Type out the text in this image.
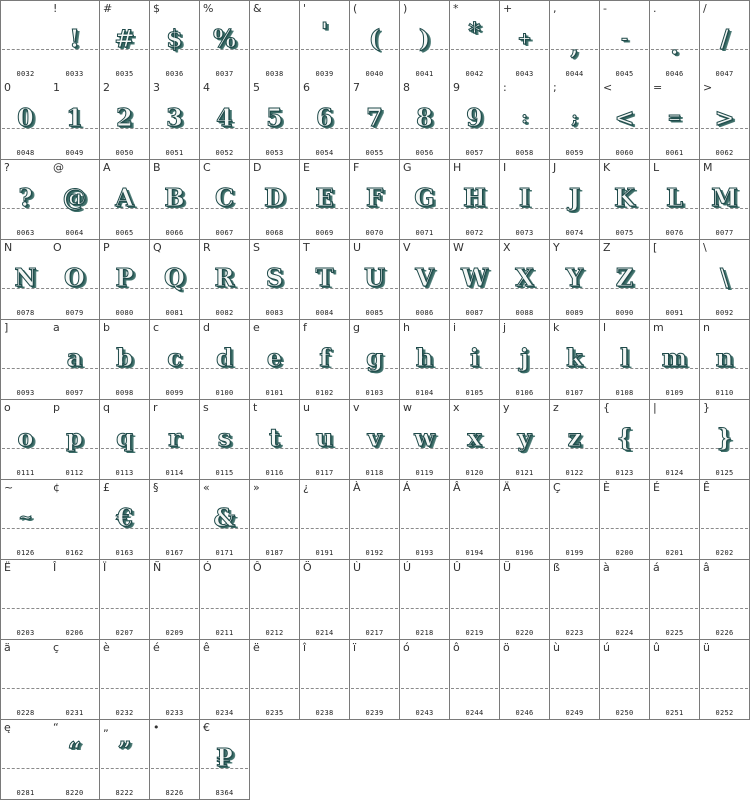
0032
!
!
0033
#
#
0035
$
$
0036
%
%
0037
&
0038
'
'
0039
(
(
0040
)
)
0041
*
*
0042
+
+
0043
,
,
0044
-
-
0045
.
.
0046
/
/
0047
0
0
0048
1
1
0049
2
2
0050
3
3
0051
4
4
0052
5
5
0053
6
6
0054
7
7
0055
8
8
0056
9
9
0057
:
:
0058
;
;
0059
<
<
0060
=
=
0061
>
>
0062
?
?
0063
@
@
0064
A
A
0065
B
B
0066
C
C
0067
D
D
0068
E
E
0069
F
F
0070
G
G
0071
H
H
0072
I
I
0073
J
J
0074
K
K
0075
L
L
0076
M
M
0077
N
N
0078
O
O
0079
P
P
0080
Q
Q
0081
R
R
0082
S
S
0083
T
T
0084
U
U
0085
V
V
0086
W
W
0087
X
X
0088
Y
Y
0089
Z
Z
0090
[
0091
\
\
0092
]
0093
a
a
0097
b
b
0098
c
c
0099
d
d
0100
e
e
0101
f
f
0102
g
g
0103
h
h
0104
i
i
0105
j
j
0106
k
k
0107
l
l
0108
m
m
0109
n
n
0110
o
o
0111
p
p
0112
q
q
0113
r
r
0114
s
s
0115
t
t
0116
u
u
0117
v
v
0118
w
w
0119
x
x
0120
y
y
0121
z
z
0122
{
{
0123
|
0124
}
}
0125
~
~
0126
¢
0162
£
€
0163
§
0167
«
&
0171
»
0187
¿
0191
À
0192
Á
0193
Â
0194
Ä
0196
Ç
0199
È
0200
É
0201
Ê
0202
Ë
0203
Î
0206
Ï
0207
Ñ
0209
Ó
0211
Ô
0212
Ö
0214
Ù
0217
Ú
0218
Û
0219
Ü
0220
ß
0223
à
0224
á
0225
â
0226
ä
0228
ç
0231
è
0232
é
0233
ê
0234
ë
0235
î
0238
ï
0239
ó
0243
ô
0244
ö
0246
ù
0249
ú
0250
û
0251
ü
0252
ę
0281
“
“
8220
„
”
8222
•
8226
€
₽
8364
